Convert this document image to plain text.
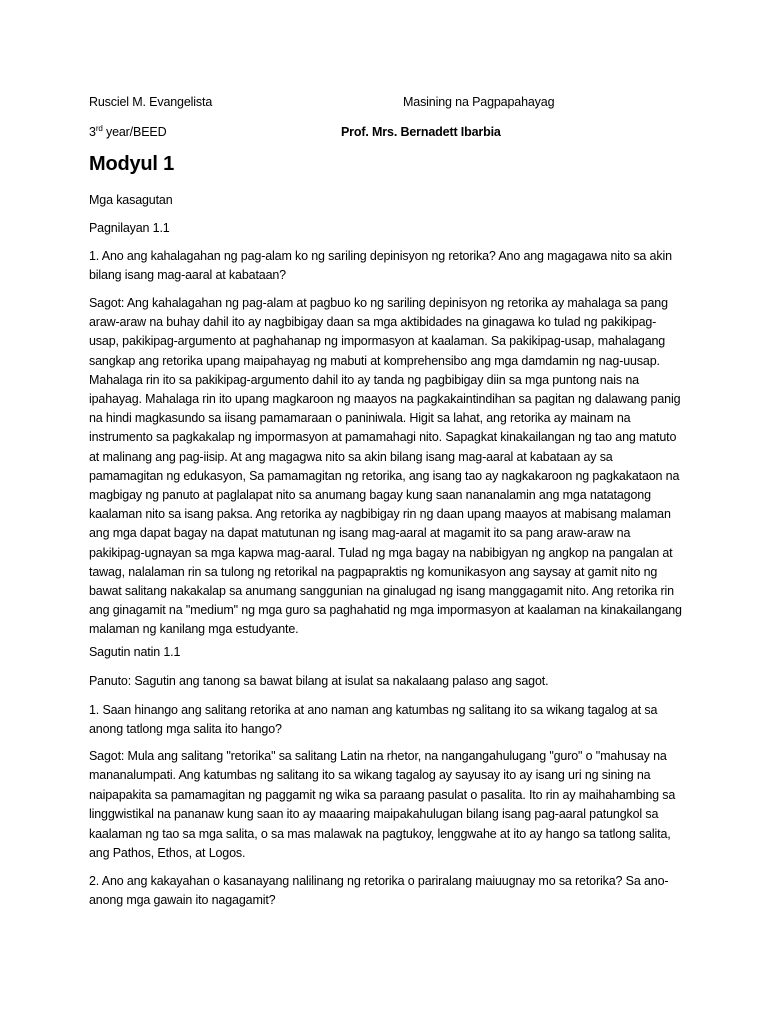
Rusciel M. Evangelista	Masining na Pagpapahayag
3rd year/BEED	Prof. Mrs. Bernadett Ibarbia
Modyul 1
Mga kasagutan
Pagnilayan 1.1
1. Ano ang kahalagahan ng pag-alam ko ng sariling depinisyon ng retorika? Ano ang magagawa nito sa akin bilang isang mag-aaral at kabataan?
Sagot: Ang kahalagahan ng pag-alam at pagbuo ko ng sariling depinisyon ng retorika ay mahalaga sa pang araw-araw na buhay dahil ito ay nagbibigay daan sa mga aktibidades na ginagawa ko tulad ng pakikipag-usap, pakikipag-argumento at paghahanap ng impormasyon at kaalaman. Sa pakikipag-usap, mahalagang sangkap ang retorika upang maipahayag ng mabuti at komprehensibo ang mga damdamin ng nag-uusap. Mahalaga rin ito sa pakikipag-argumento dahil ito ay tanda ng pagbibigay diin sa mga puntong nais na ipahayag. Mahalaga rin ito upang magkaroon ng maayos na pagkakaintindihan sa pagitan ng dalawang panig na hindi magkasundo sa iisang pamamaraan o paniniwala. Higit sa lahat, ang retorika ay mainam na instrumento sa pagkakalap ng impormasyon at pamamahagi nito. Sapagkat kinakailangan ng tao ang matuto at malinang ang pag-iisip. At ang magagwa nito sa akin bilang isang mag-aaral at kabataan ay sa pamamagitan ng edukasyon, Sa pamamagitan ng retorika, ang isang tao ay nagkakaroon ng pagkakataon na magbigay ng panuto at paglalapat nito sa anumang bagay kung saan nananalamin ang mga natatagong kaalaman nito sa isang paksa. Ang retorika ay nagbibigay rin ng daan upang maayos at mabisang malaman ang mga dapat bagay na dapat matutunan ng isang mag-aaral at magamit ito sa pang araw-araw na pakikipag-ugnayan sa mga kapwa mag-aaral. Tulad ng mga bagay na nabibigyan ng angkop na pangalan at tawag, nalalaman rin sa tulong ng retorikal na pagpapraktis ng komunikasyon ang saysay at gamit nito ng bawat salitang nakakalap sa anumang sanggunian na ginalugad ng isang manggagamit nito. Ang retorika rin ang ginagamit na "medium" ng mga guro sa paghahatid ng mga impormasyon at kaalaman na kinakailangang malaman ng kanilang mga estudyante.
Sagutin natin 1.1
Panuto: Sagutin ang tanong sa bawat bilang at isulat sa nakalaang palaso ang sagot.
1. Saan hinango ang salitang retorika at ano naman ang katumbas ng salitang ito sa wikang tagalog at sa anong tatlong mga salita ito hango?
Sagot: Mula ang salitang "retorika" sa salitang Latin na rhetor, na nangangahulugang "guro" o "mahusay na mananalumpati. Ang katumbas ng salitang ito sa wikang tagalog ay sayusay ito ay isang uri ng sining na naipapakita sa pamamagitan ng paggamit ng wika sa paraang pasulat o pasalita. Ito rin ay maihahambing sa linggwistikal na pananaw kung saan ito ay maaaring maipakahulugan bilang isang pag-aaral patungkol sa kaalaman ng tao sa mga salita, o sa mas malawak na pagtukoy, lenggwahe at ito ay hango sa tatlong salita, ang Pathos, Ethos, at Logos.
2. Ano ang kakayahan o kasanayang nalilinang ng retorika o pariralang maiuugnay mo sa retorika? Sa ano-anong mga gawain ito nagagamit?
